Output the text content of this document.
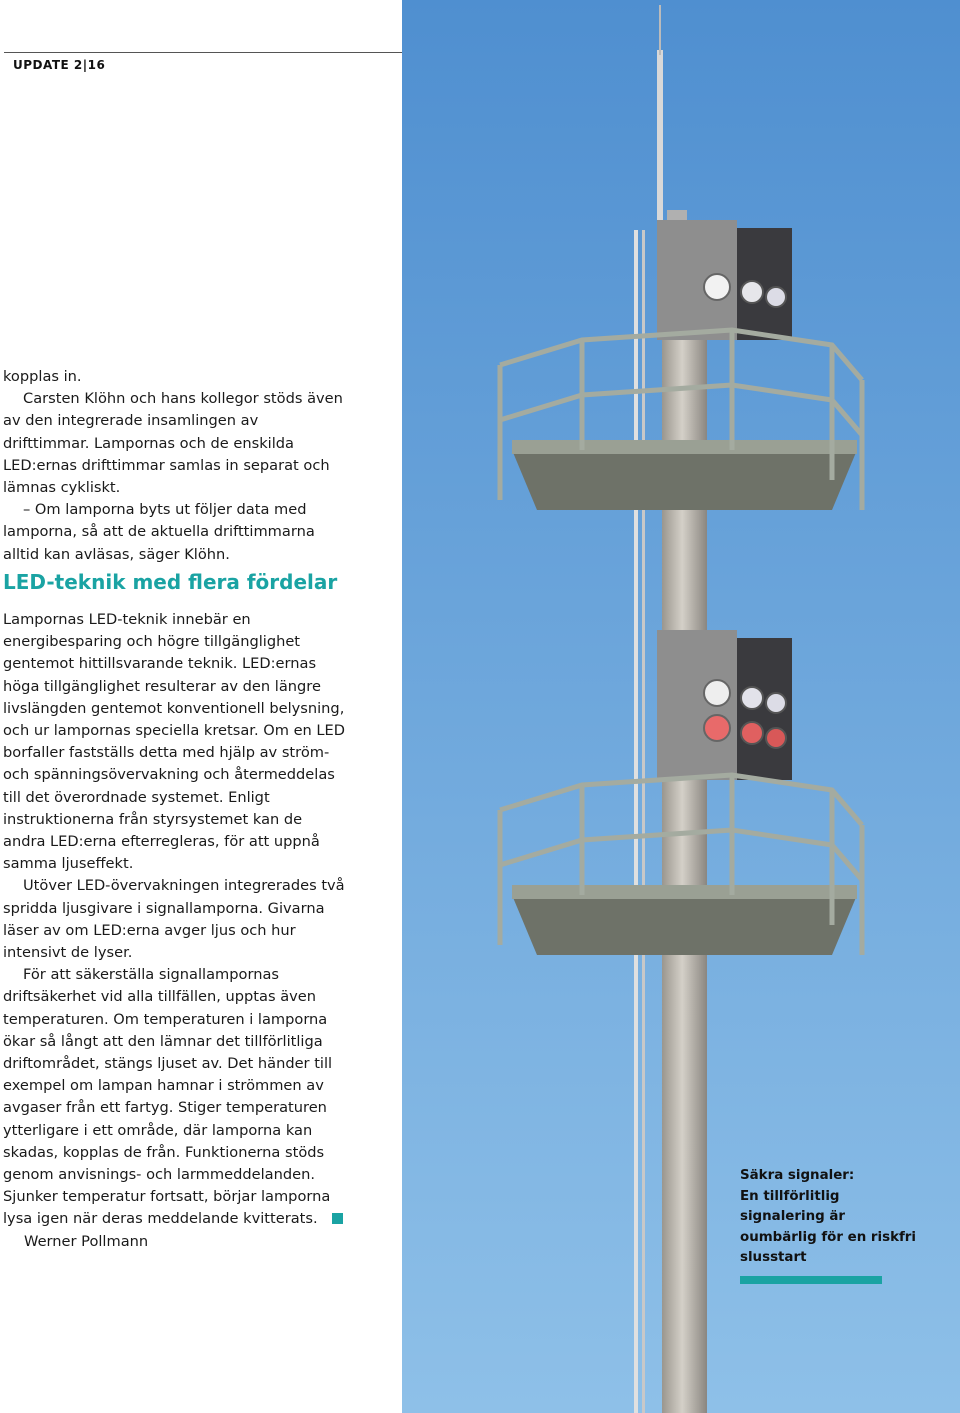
UPDATE 2|16

kopplas in.

Carsten Klöhn och hans kollegor stöds även av den integrerade insamlingen av drifttimmar. Lampornas och de enskilda LED:ernas drifttimmar samlas in separat och lämnas cykliskt.

– Om lamporna byts ut följer data med lamporna, så att de aktuella drifttimmarna alltid kan avläsas, säger Klöhn.

LED-teknik med flera fördelar

Lampornas LED-teknik innebär en energibesparing och högre tillgänglighet gentemot hittillsvarande teknik. LED:ernas höga tillgänglighet resulterar av den längre livslängden gentemot konventionell belysning, och ur lampornas speciella kretsar. Om en LED borfaller fastställs detta med hjälp av ström- och spänningsövervakning och återmeddelas till det överordnade systemet. Enligt instruktionerna från styrsystemet kan de andra LED:erna efterregleras, för att uppnå samma ljuseffekt.

Utöver LED-övervakningen integrerades två spridda ljusgivare i signallamporna. Givarna läser av om LED:erna avger ljus och hur intensivt de lyser.

För att säkerställa signallampornas driftsäkerhet vid alla tillfällen, upptas även temperaturen. Om temperaturen i lamporna ökar så långt att den lämnar det tillförlitliga driftområdet, stängs ljuset av. Det händer till exempel om lampan hamnar i strömmen av avgaser från ett fartyg. Stiger temperaturen ytterligare i ett område, där lamporna kan skadas, kopplas de från. Funktionerna stöds genom anvisnings- och larmmeddelanden. Sjunker temperatur fortsatt, börjar lamporna lysa igen när deras meddelande kvitterats.

Werner Pollmann

Säkra signaler:
En tillförlitlig
signalering är
oumbärlig för en riskfri
slusstart
